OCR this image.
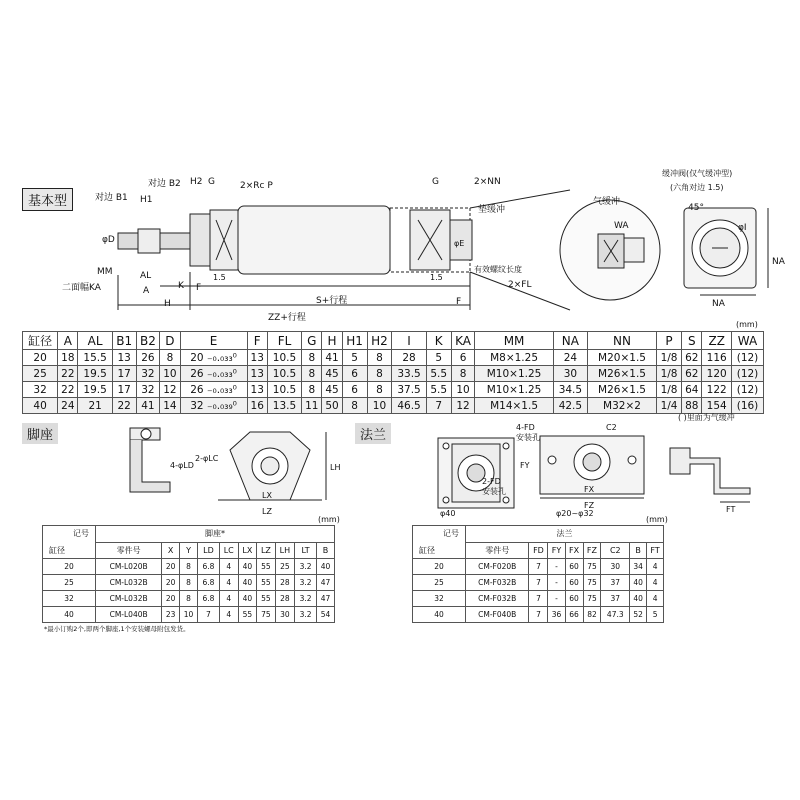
基本型	对边 B1
对边 B2
H1
H2 G	2×Rc P	G	2×NN
垫缓冲
气缓冲
缓冲阀(仅气缓冲型)
(六角对边 1.5)
45°
φI
NA
NA
WA
φD
MM
二面幅KA
AL
A	K
H
F
1.5	1.5
S+行程	F
ZZ+行程
有效螺纹长度
2×FL
φE
(mm)
缸径	A	AL	B1	B2	D	E	F	FL	G	H	H1	H2	I	K	KA	MM	NA	NN	P	S	ZZ	WA
20	18	15.5	13	26	8	20 ₋₀.₀₃₃⁰	13	10.5	8	41	5	8	28	5	6	M8×1.25	24	M20×1.5	1/8	62	116	(12)
25	22	19.5	17	32	10	26 ₋₀.₀₃₃⁰	13	10.5	8	45	6	8	33.5	5.5	8	M10×1.25	30	M26×1.5	1/8	62	120	(12)
32	22	19.5	17	32	12	26 ₋₀.₀₃₃⁰	13	10.5	8	45	6	8	37.5	5.5	10	M10×1.25	34.5	M26×1.5	1/8	64	122	(12)
40	24	21	22	41	14	32 ₋₀.₀₃₉⁰	16	13.5	11	50	8	10	46.5	7	12	M14×1.5	42.5	M32×2	1/4	88	154	(16)
( )里面为气缓冲
脚座
2-φLC
4-φLD
LX
LZ
LH
(mm)
记号
缸径	脚座*									
	零件号	X	Y	LD	LC	LX	LZ	LH	LT	B
20	CM-L020B	20	8	6.8	4	40	55	25	3.2	40
25	CM-L032B	20	8	6.8	4	40	55	28	3.2	47
32	CM-L032B	20	8	6.8	4	40	55	28	3.2	47
40	CM-L040B	23	10	7	4	55	75	30	3.2	54
*最小订购2个,即两个脚座,1个安装螺母附包发货。
法兰
4-FD
安装孔
2-FD
安装孔
FY
FX
FZ
C2
φ40	φ20~φ32	FT
(mm)
记号
缸径	法兰							
	零件号	FD	FY	FX	FZ	C2	B	FT
20	CM-F020B	7	-	60	75	30	34	4
25	CM-F032B	7	-	60	75	37	40	4
32	CM-F032B	7	-	60	75	37	40	4
40	CM-F040B	7	36	66	82	47.3	52	5
